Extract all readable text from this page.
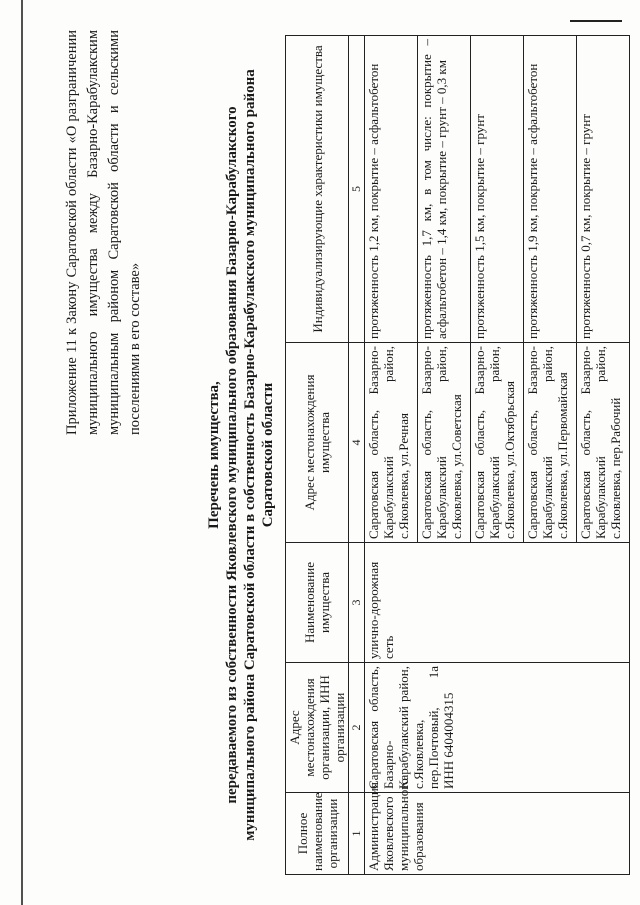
Приложение 11 к Закону Саратовской области «О разграничении муниципального имущества между Базарно-Карабулакским муниципальным районом Саратовской области и сельскими поселениями в его составе»
Перечень имущества, передаваемого из собственности Яковлевского муниципального образования Базарно-Карабулакского муниципального района Саратовской области в собственность Базарно-Карабулакского муниципального района Саратовской области
Полное наименование организации	Адрес местонахождения организации, ИНН организации	Наименование имущества	Адрес местонахождения имущества	Индивидуализирующие характеристики имущества
1	2	3	4	5
Администрация Яковлевского муниципального образования	Саратовская область, Базарно-Карабулакский район, с.Яковлевка, пер.Почтовый, 1а ИНН 6404004315	улично-дорожная сеть	Саратовская область, Базарно-Карабулакский район, с.Яковлевка, ул.Речная	протяженность 1,2 км, покрытие – асфальтобетон
			Саратовская область, Базарно-Карабулакский район, с.Яковлевка, ул.Советская	протяженность 1,7 км, в том числе: покрытие – асфальтобетон – 1,4 км, покрытие – грунт – 0,3 км
			Саратовская область, Базарно-Карабулакский район, с.Яковлевка, ул.Октябрьская	протяженность 1,5 км, покрытие – грунт
			Саратовская область, Базарно-Карабулакский район, с.Яковлевка, ул.Первомайская	протяженность 1,9 км, покрытие – асфальтобетон
			Саратовская область, Базарно-Карабулакский район, с.Яковлевка, пер.Рабочий	протяженность 0,7 км, покрытие – грунт
